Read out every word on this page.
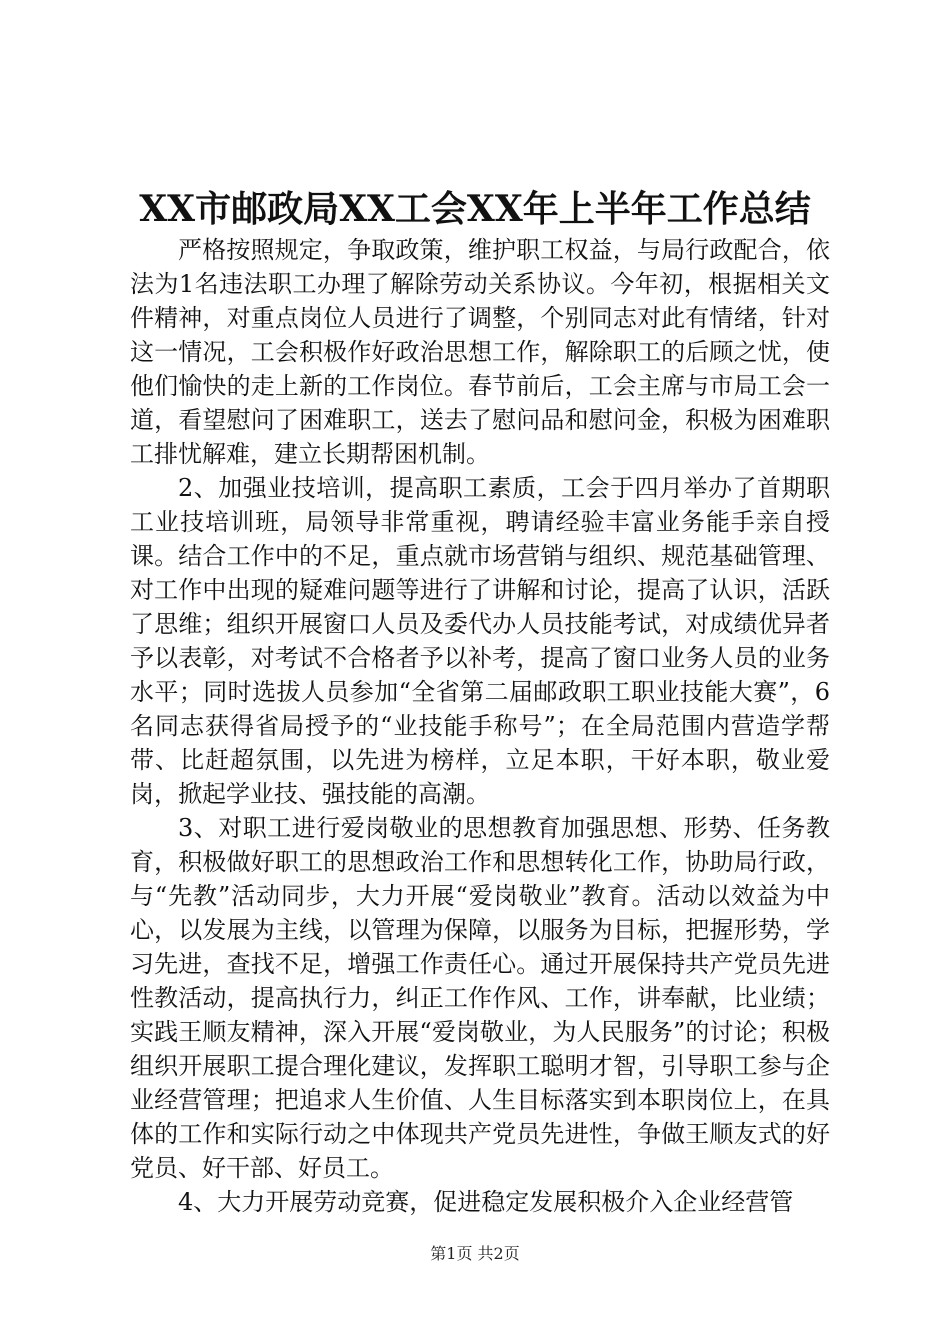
XX市邮政局XX工会XX年上半年工作总结

严格按照规定，争取政策，维护职工权益，与局行政配合，依法为1名违法职工办理了解除劳动关系协议。今年初，根据相关文件精神，对重点岗位人员进行了调整，个别同志对此有情绪，针对这一情况，工会积极作好政治思想工作，解除职工的后顾之忧，使他们愉快的走上新的工作岗位。春节前后，工会主席与市局工会一道，看望慰问了困难职工，送去了慰问品和慰问金，积极为困难职工排忧解难，建立长期帮困机制。

2、加强业技培训，提高职工素质，工会于四月举办了首期职工业技培训班，局领导非常重视，聘请经验丰富业务能手亲自授课。结合工作中的不足，重点就市场营销与组织、规范基础管理、对工作中出现的疑难问题等进行了讲解和讨论，提高了认识，活跃了思维；组织开展窗口人员及委代办人员技能考试，对成绩优异者予以表彰，对考试不合格者予以补考，提高了窗口业务人员的业务水平；同时选拔人员参加“全省第二届邮政职工职业技能大赛”，6名同志获得省局授予的“业技能手称号”；在全局范围内营造学帮带、比赶超氛围，以先进为榜样，立足本职，干好本职，敬业爱岗，掀起学业技、强技能的高潮。

3、对职工进行爱岗敬业的思想教育加强思想、形势、任务教育，积极做好职工的思想政治工作和思想转化工作，协助局行政，与“先教”活动同步，大力开展“爱岗敬业”教育。活动以效益为中心，以发展为主线，以管理为保障，以服务为目标，把握形势，学习先进，查找不足，增强工作责任心。通过开展保持共产党员先进性教活动，提高执行力，纠正工作作风、工作，讲奉献，比业绩；实践王顺友精神，深入开展“爱岗敬业，为人民服务”的讨论；积极组织开展职工提合理化建议，发挥职工聪明才智，引导职工参与企业经营管理；把追求人生价值、人生目标落实到本职岗位上，在具体的工作和实际行动之中体现共产党员先进性，争做王顺友式的好党员、好干部、好员工。

4、大力开展劳动竞赛，促进稳定发展积极介入企业经营管

第1页 共2页
